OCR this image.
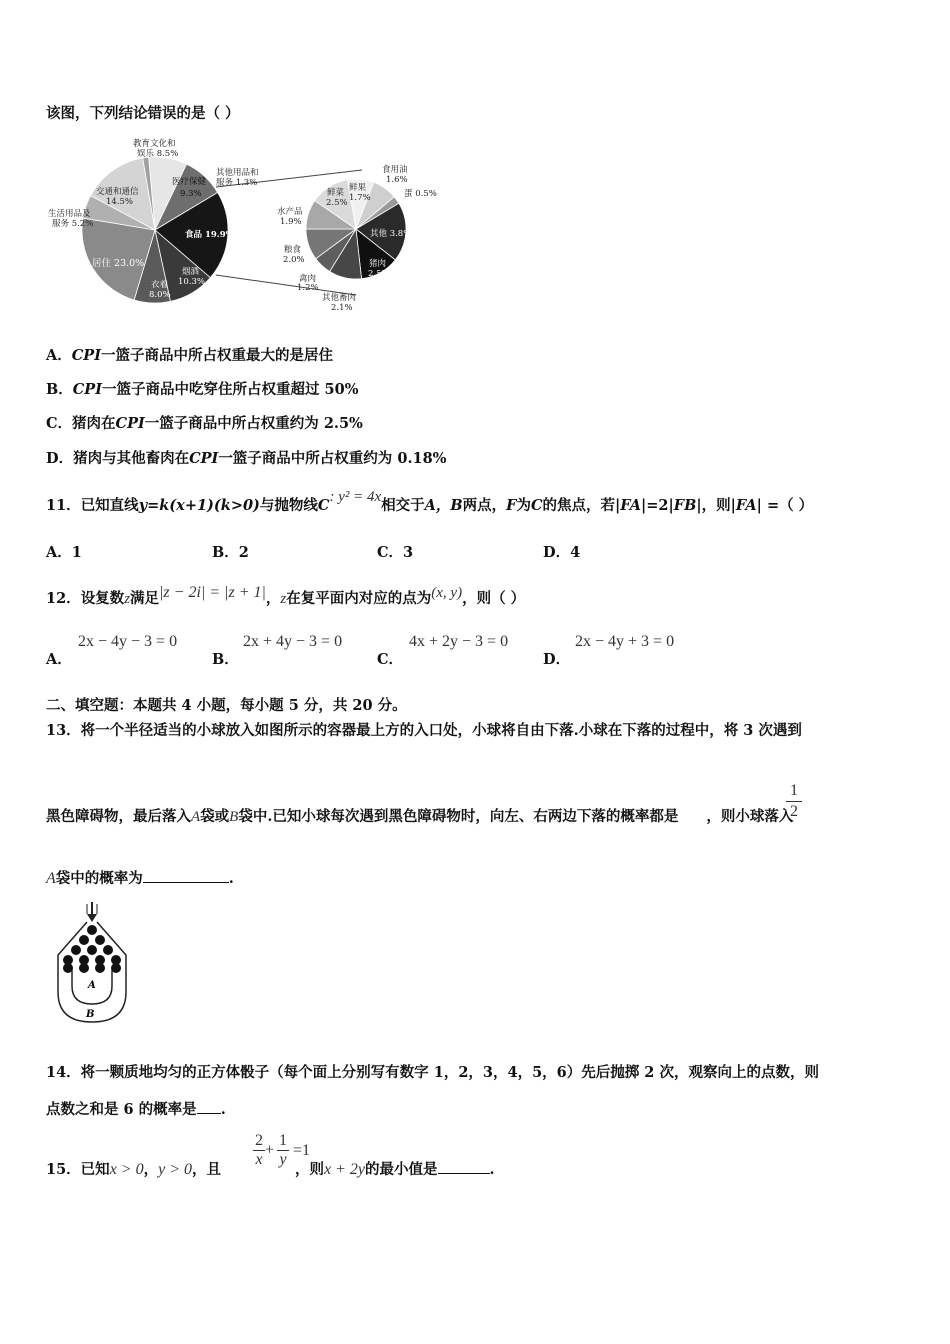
该图，下列结论错误的是（ ）
教育文化和娱乐 8.5%
医疗保健 9.3%
其他用品和服务 1.3%
交通和通信 14.5%
生活用品及服务 5.2%
食品 19.9%
居住 23.0%
烟酒 10.3%
衣着 8.0%
食用油 1.6%
鲜果 1.7%	蛋 0.5%
鲜菜 2.5%
水产品 1.9%
其他 3.8%
粮食 2.0%	猪肉 2.5%
禽肉 1.2%
其他畜肉 2.1%
A．CPI一篮子商品中所占权重最大的是居住
B．CPI一篮子商品中吃穿住所占权重超过 50%
C．猪肉在CPI一篮子商品中所占权重约为 2.5%
D．猪肉与其他畜肉在CPI一篮子商品中所占权重约为 0.18%
11．已知直线y=k(x+1)(k>0)与抛物线C: y² = 4x相交于A，B两点，F为C的焦点，若|FA|=2|FB|，则|FA| =（ ）
A．1	B．2	C．3	D．4
12．设复数z满足|z − 2i| = |z + 1|，z在复平面内对应的点为(x, y)，则（ ）
A．
2x − 4y − 3 = 0
B．
2x + 4y − 3 = 0
C．
4x + 2y − 3 = 0
D．
2x − 4y + 3 = 0
二、填空题：本题共 4 小题，每小题 5 分，共 20 分。
13．将一个半径适当的小球放入如图所示的容器最上方的入口处，小球将自由下落.小球在下落的过程中，将 3 次遇到
黑色障碍物，最后落入A袋或B袋中.已知小球每次遇到黑色障碍物时，向左、右两边下落的概率都是 ，则小球落入
1
2
A袋中的概率为	.
A
B
14．将一颗质地均匀的正方体骰子（每个面上分别写有数字 1，2，3，4，5，6）先后抛掷 2 次，观察向上的点数，则
点数之和是 6 的概率是 .
15．已知x > 0，y > 0，且	，则x + 2y的最小值是	.
$\frac{2}{x} + \frac{1}{y} =1$
